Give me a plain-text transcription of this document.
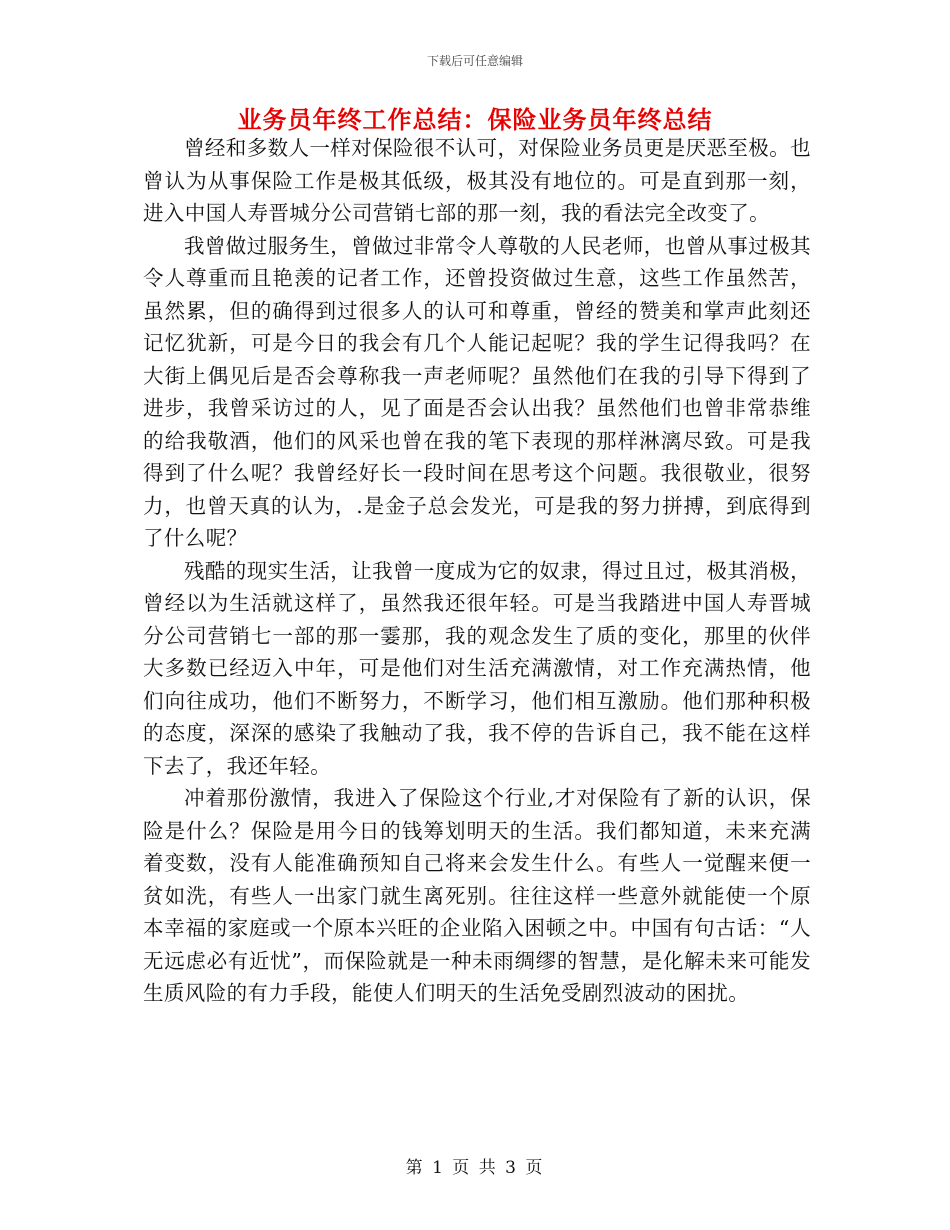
下载后可任意编辑
业务员年终工作总结：保险业务员年终总结

曾经和多数人一样对保险很不认可，对保险业务员更是厌恶至极。也曾认为从事保险工作是极其低级，极其没有地位的。可是直到那一刻，进入中国人寿晋城分公司营销七部的那一刻，我的看法完全改变了。

我曾做过服务生，曾做过非常令人尊敬的人民老师，也曾从事过极其令人尊重而且艳羡的记者工作，还曾投资做过生意，这些工作虽然苦，虽然累，但的确得到过很多人的认可和尊重，曾经的赞美和掌声此刻还记忆犹新，可是今日的我会有几个人能记起呢？我的学生记得我吗？在大街上偶见后是否会尊称我一声老师呢？虽然他们在我的引导下得到了进步，我曾采访过的人，见了面是否会认出我？虽然他们也曾非常恭维的给我敬酒，他们的风采也曾在我的笔下表现的那样淋漓尽致。可是我得到了什么呢？我曾经好长一段时间在思考这个问题。我很敬业，很努力，也曾天真的认为，.是金子总会发光，可是我的努力拼搏，到底得到了什么呢？

残酷的现实生活，让我曾一度成为它的奴隶，得过且过，极其消极，曾经以为生活就这样了，虽然我还很年轻。可是当我踏进中国人寿晋城分公司营销七一部的那一霎那，我的观念发生了质的变化，那里的伙伴大多数已经迈入中年，可是他们对生活充满激情，对工作充满热情，他们向往成功，他们不断努力，不断学习，他们相互激励。他们那种积极的态度，深深的感染了我触动了我，我不停的告诉自己，我不能在这样下去了，我还年轻。

冲着那份激情，我进入了保险这个行业,才对保险有了新的认识，保险是什么？保险是用今日的钱筹划明天的生活。我们都知道，未来充满着变数，没有人能准确预知自己将来会发生什么。有些人一觉醒来便一贫如洗，有些人一出家门就生离死别。往往这样一些意外就能使一个原本幸福的家庭或一个原本兴旺的企业陷入困顿之中。中国有句古话：“人无远虑必有近忧”，而保险就是一种未雨绸缪的智慧，是化解未来可能发生质风险的有力手段，能使人们明天的生活免受剧烈波动的困扰。

第 1 页 共 3 页
